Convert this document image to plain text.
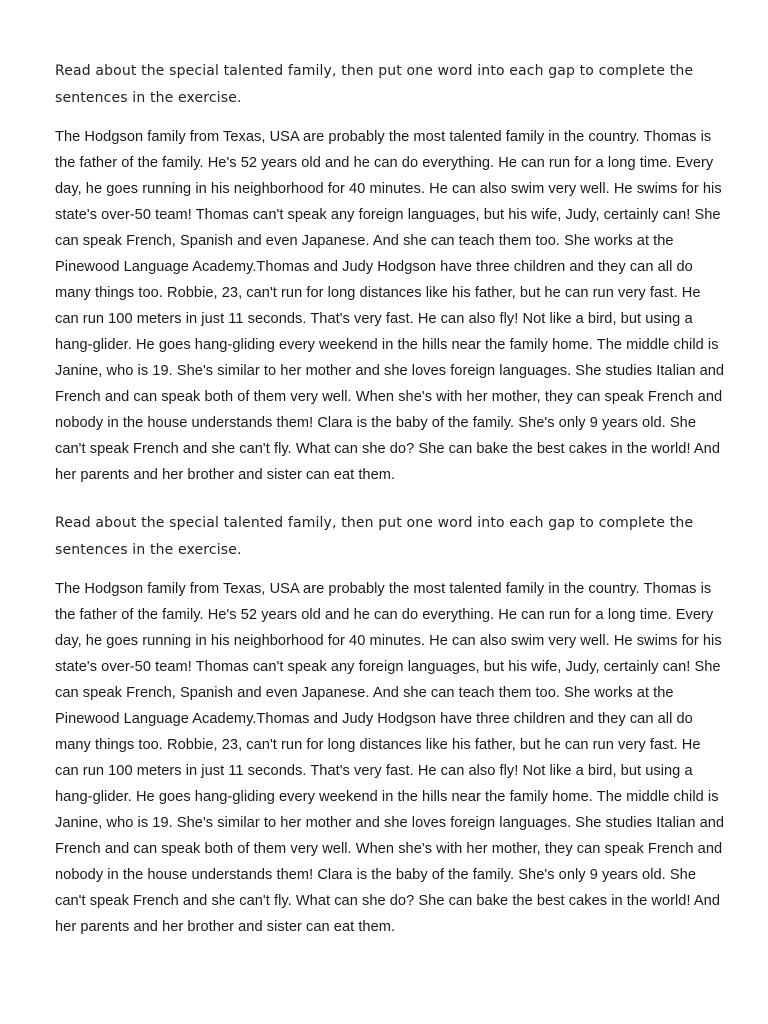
Read about the special talented family, then put one word into each gap to complete the sentences in the exercise.

The Hodgson family from Texas, USA are probably the most talented family in the country. Thomas is the father of the family. He's 52 years old and he can do everything. He can run for a long time. Every day, he goes running in his neighborhood for 40 minutes. He can also swim very well. He swims for his state's over-50 team! Thomas can't speak any foreign languages, but his wife, Judy, certainly can! She can speak French, Spanish and even Japanese. And she can teach them too. She works at the Pinewood Language Academy.Thomas and Judy Hodgson have three children and they can all do many things too. Robbie, 23, can't run for long distances like his father, but he can run very fast. He can run 100 meters in just 11 seconds. That's very fast. He can also fly! Not like a bird, but using a hang-glider. He goes hang-gliding every weekend in the hills near the family home. The middle child is Janine, who is 19. She's similar to her mother and she loves foreign languages. She studies Italian and French and can speak both of them very well. When she's with her mother, they can speak French and nobody in the house understands them! Clara is the baby of the family. She's only 9 years old. She can't speak French and she can't fly. What can she do? She can bake the best cakes in the world! And her parents and her brother and sister can eat them.

Read about the special talented family, then put one word into each gap to complete the sentences in the exercise.

The Hodgson family from Texas, USA are probably the most talented family in the country. Thomas is the father of the family. He's 52 years old and he can do everything. He can run for a long time. Every day, he goes running in his neighborhood for 40 minutes. He can also swim very well. He swims for his state's over-50 team! Thomas can't speak any foreign languages, but his wife, Judy, certainly can! She can speak French, Spanish and even Japanese. And she can teach them too. She works at the Pinewood Language Academy.Thomas and Judy Hodgson have three children and they can all do many things too. Robbie, 23, can't run for long distances like his father, but he can run very fast. He can run 100 meters in just 11 seconds. That's very fast. He can also fly! Not like a bird, but using a hang-glider. He goes hang-gliding every weekend in the hills near the family home. The middle child is Janine, who is 19. She's similar to her mother and she loves foreign languages. She studies Italian and French and can speak both of them very well. When she's with her mother, they can speak French and nobody in the house understands them! Clara is the baby of the family. She's only 9 years old. She can't speak French and she can't fly. What can she do? She can bake the best cakes in the world! And her parents and her brother and sister can eat them.
